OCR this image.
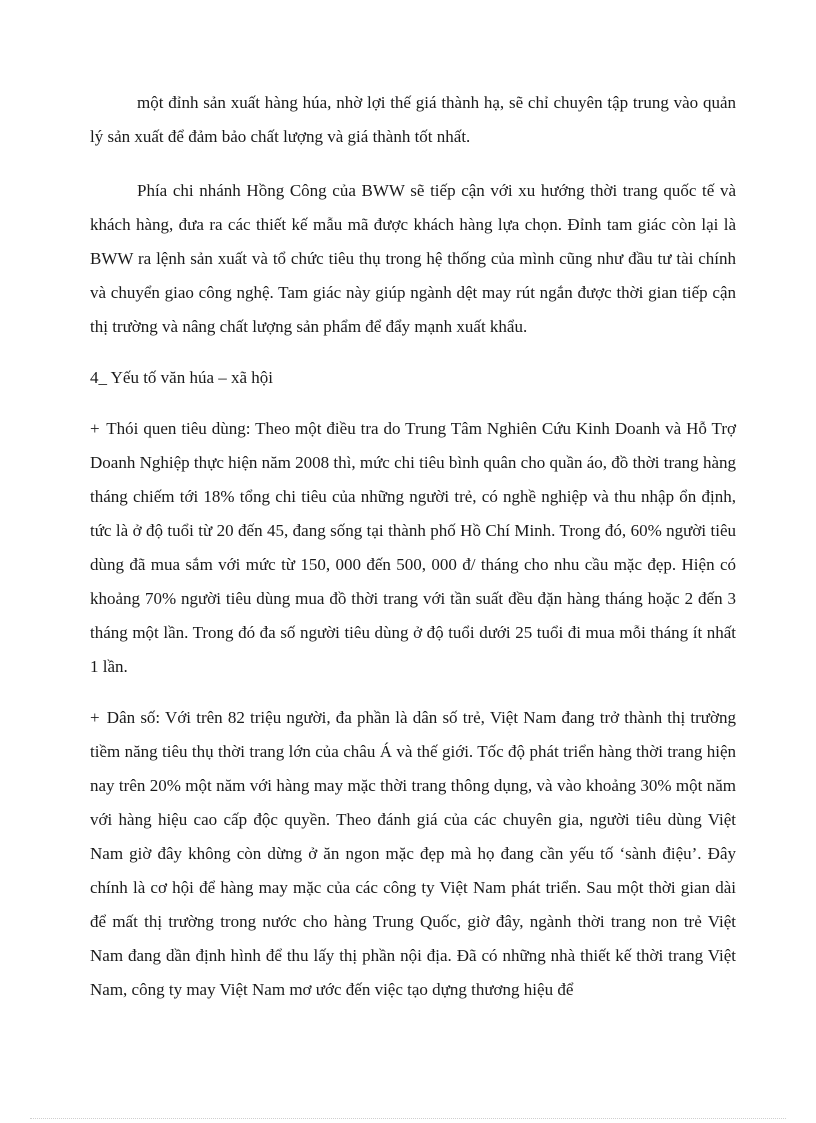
một đỉnh sản xuất hàng húa, nhờ lợi thế giá thành hạ, sẽ chỉ chuyên tập trung vào quản lý sản xuất để đảm bảo chất lượng và giá thành tốt nhất.

Phía chi nhánh Hồng Công của BWW sẽ tiếp cận với xu hướng thời trang quốc tế và khách hàng, đưa ra các thiết kế mẫu mã được khách hàng lựa chọn. Đỉnh tam giác còn lại là BWW ra lệnh sản xuất và tổ chức tiêu thụ trong hệ thống của mình cũng như đầu tư tài chính và chuyển giao công nghệ. Tam giác này giúp ngành dệt may rút ngắn được thời gian tiếp cận thị trường và nâng chất lượng sản phẩm để đẩy mạnh xuất khẩu.

4_ Yếu tố văn húa – xã hội

+ Thói quen tiêu dùng: Theo một điều tra do Trung Tâm Nghiên Cứu Kinh Doanh và Hỗ Trợ Doanh Nghiệp thực hiện năm 2008 thì, mức chi tiêu bình quân cho quần áo, đồ thời trang hàng tháng chiếm tới 18% tổng chi tiêu của những người trẻ, có nghề nghiệp và thu nhập ổn định, tức là ở độ tuổi từ 20 đến 45, đang sống tại thành phố Hồ Chí Minh. Trong đó, 60% người tiêu dùng đã mua sắm với mức từ 150, 000 đến 500, 000 đ/ tháng cho nhu cầu mặc đẹp. Hiện có khoảng 70% người tiêu dùng mua đồ thời trang với tần suất đều đặn hàng tháng hoặc 2 đến 3 tháng một lần. Trong đó đa số người tiêu dùng ở độ tuổi dưới 25 tuổi đi mua mỗi tháng ít nhất 1 lần.

+ Dân số: Với trên 82 triệu người, đa phần là dân số trẻ, Việt Nam đang trở thành thị trường tiềm năng tiêu thụ thời trang lớn của châu Á và thế giới. Tốc độ phát triển hàng thời trang hiện nay trên 20% một năm với hàng may mặc thời trang thông dụng, và vào khoảng 30% một năm với hàng hiệu cao cấp độc quyền. Theo đánh giá của các chuyên gia, người tiêu dùng Việt Nam giờ đây không còn dừng ở ăn ngon mặc đẹp mà họ đang cần yếu tố ‘sành điệu’. Đây chính là cơ hội để hàng may mặc của các công ty Việt Nam phát triển. Sau một thời gian dài để mất thị trường trong nước cho hàng Trung Quốc, giờ đây, ngành thời trang non trẻ Việt Nam đang dần định hình để thu lấy thị phần nội địa. Đã có những nhà thiết kế thời trang Việt Nam, công ty may Việt Nam mơ ước đến việc tạo dựng thương hiệu để
